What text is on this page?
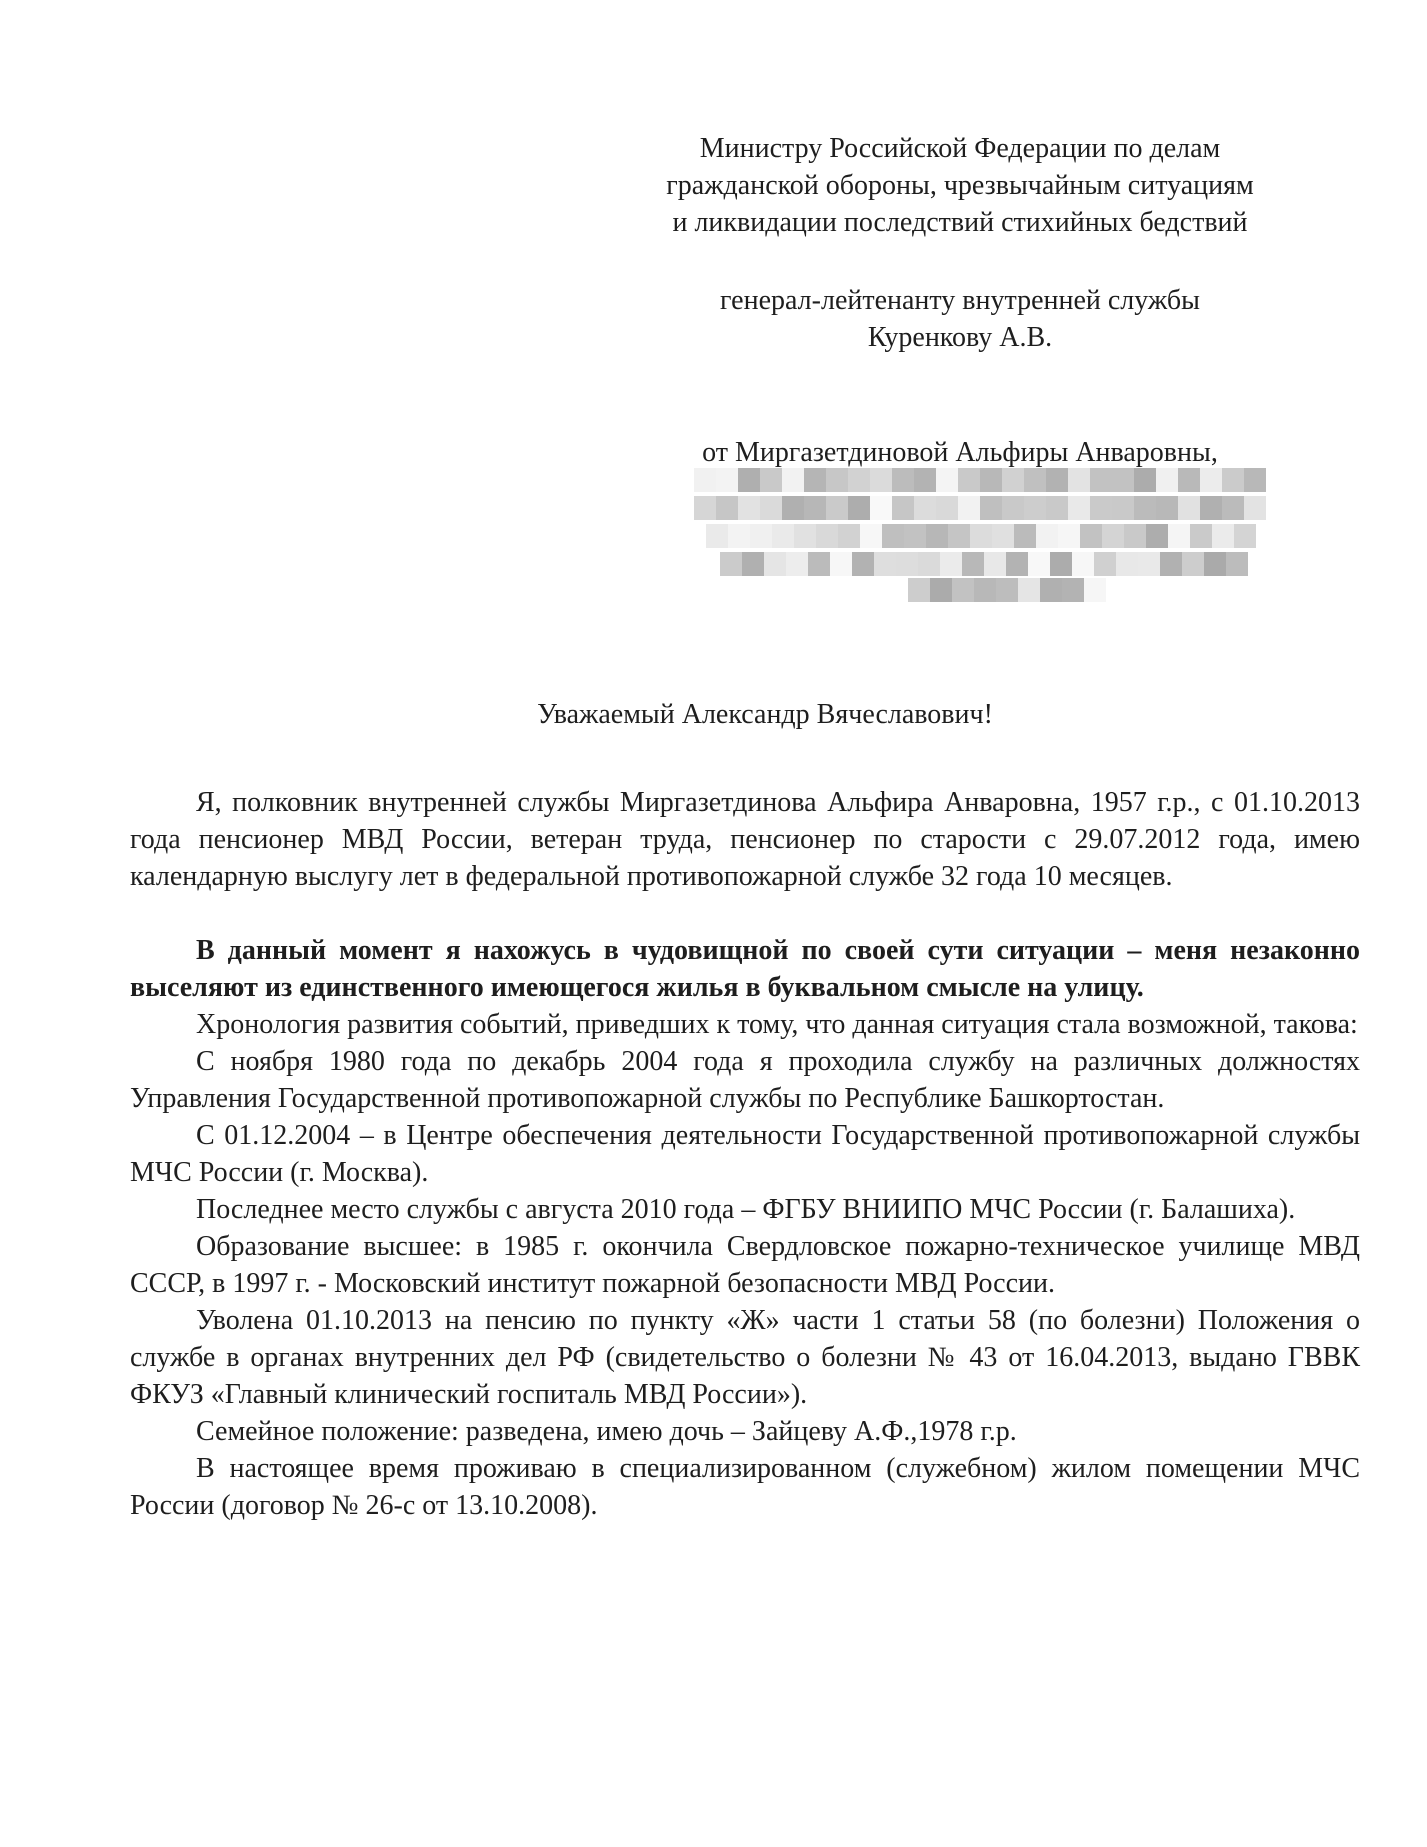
Министру Российской Федерации по делам
гражданской обороны, чрезвычайным ситуациям
и ликвидации последствий стихийных бедствий
генерал-лейтенанту внутренней службы
Куренкову А.В.
от Миргазетдиновой Альфиры Анваровны,
Уважаемый Александр Вячеславович!

Я, полковник внутренней службы Миргазетдинова Альфира Анваровна, 1957 г.р., с 01.10.2013 года пенсионер МВД России, ветеран труда, пенсионер по старости с 29.07.2012 года, имею календарную выслугу лет в федеральной противопожарной службе 32 года 10 месяцев.

В данный момент я нахожусь в чудовищной по своей сути ситуации – меня незаконно выселяют из единственного имеющегося жилья в буквальном смысле на улицу.

Хронология развития событий, приведших к тому, что данная ситуация стала возможной, такова:

С ноября 1980 года по декабрь 2004 года я проходила службу на различных должностях Управления Государственной противопожарной службы по Республике Башкортостан.

С 01.12.2004 – в Центре обеспечения деятельности Государственной противопожарной службы МЧС России (г. Москва).

Последнее место службы с августа 2010 года – ФГБУ ВНИИПО МЧС России (г. Балашиха).

Образование высшее: в 1985 г. окончила Свердловское пожарно-техническое училище МВД СССР, в 1997 г. - Московский институт пожарной безопасности МВД России.

Уволена 01.10.2013 на пенсию по пункту «Ж» части 1 статьи 58 (по болезни) Положения о службе в органах внутренних дел РФ (свидетельство о болезни № 43 от 16.04.2013, выдано ГВВК ФКУЗ «Главный клинический госпиталь МВД России»).

Семейное положение: разведена, имею дочь – Зайцеву А.Ф.,1978 г.р.

В настоящее время проживаю в специализированном (служебном) жилом помещении МЧС России (договор № 26-с от 13.10.2008).
